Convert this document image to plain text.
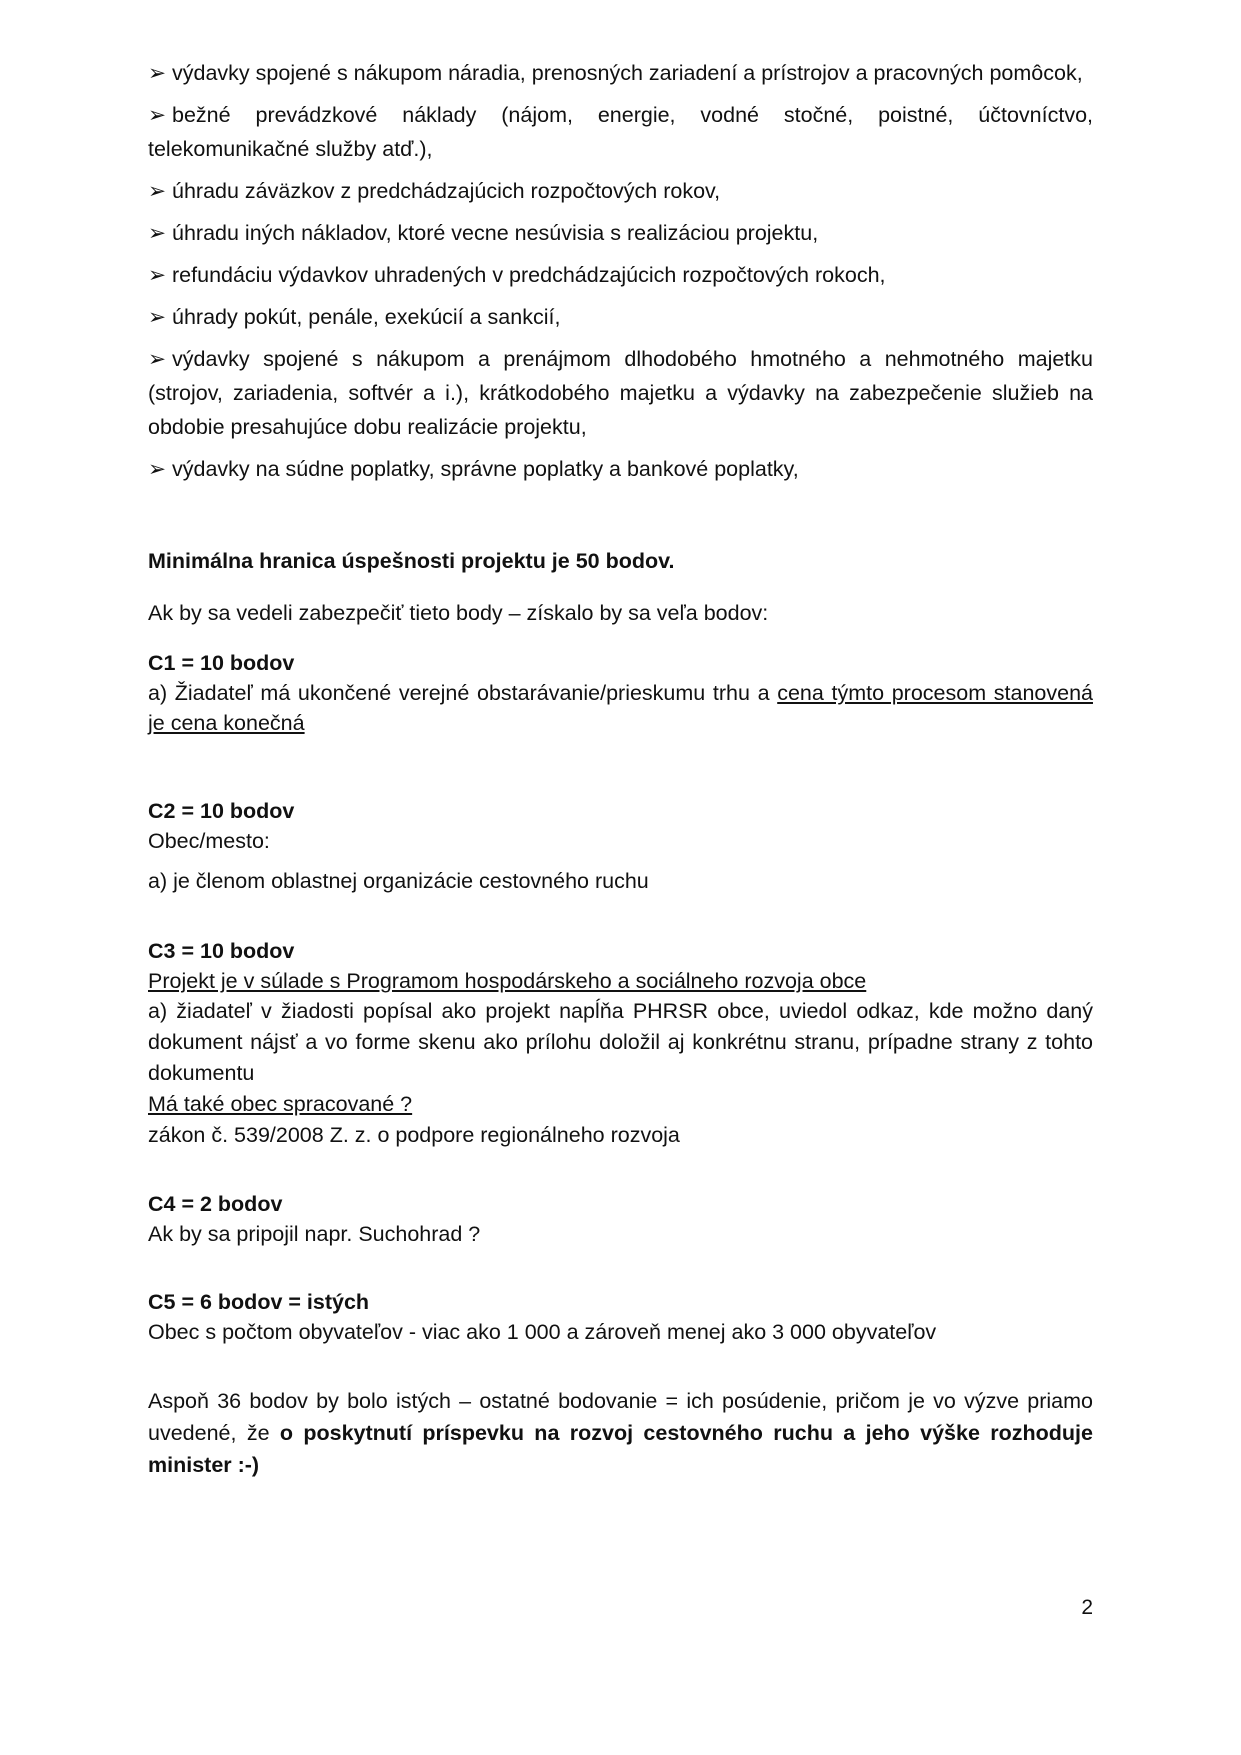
➢ výdavky spojené s nákupom náradia, prenosných zariadení a prístrojov a pracovných pomôcok,

➢ bežné prevádzkové náklady (nájom, energie, vodné stočné, poistné, účtovníctvo, telekomunikačné služby atď.),

➢ úhradu záväzkov z predchádzajúcich rozpočtových rokov,

➢ úhradu iných nákladov, ktoré vecne nesúvisia s realizáciou projektu,

➢ refundáciu výdavkov uhradených v predchádzajúcich rozpočtových rokoch,

➢ úhrady pokút, penále, exekúcií a sankcií,

➢ výdavky spojené s nákupom a prenájmom dlhodobého hmotného a nehmotného majetku (strojov, zariadenia, softvér a i.), krátkodobého majetku a výdavky na zabezpečenie služieb na obdobie presahujúce dobu realizácie projektu,

➢ výdavky na súdne poplatky, správne poplatky a bankové poplatky,

Minimálna hranica úspešnosti projektu je 50 bodov.

Ak by sa vedeli zabezpečiť tieto body – získalo by sa veľa bodov:

C1 = 10 bodov

a) Žiadateľ má ukončené verejné obstarávanie/prieskumu trhu a cena týmto procesom stanovená je cena konečná

C2 = 10 bodov

Obec/mesto:

a) je členom oblastnej organizácie cestovného ruchu

C3 = 10 bodov

Projekt je v súlade s Programom hospodárskeho a sociálneho rozvoja obce

a) žiadateľ v žiadosti popísal ako projekt napĺňa PHRSR obce, uviedol odkaz, kde možno daný dokument nájsť a vo forme skenu ako prílohu doložil aj konkrétnu stranu, prípadne strany z tohto dokumentu

Má také obec spracované ?

zákon č. 539/2008 Z. z. o podpore regionálneho rozvoja

C4 = 2 bodov

Ak by sa pripojil napr. Suchohrad ?

C5 = 6 bodov = istých

Obec s počtom obyvateľov - viac ako 1 000 a zároveň menej ako 3 000 obyvateľov

Aspoň 36 bodov by bolo istých – ostatné bodovanie = ich posúdenie, pričom je vo výzve priamo uvedené, že o poskytnutí príspevku na rozvoj cestovného ruchu a jeho výške rozhoduje minister :-)

2
